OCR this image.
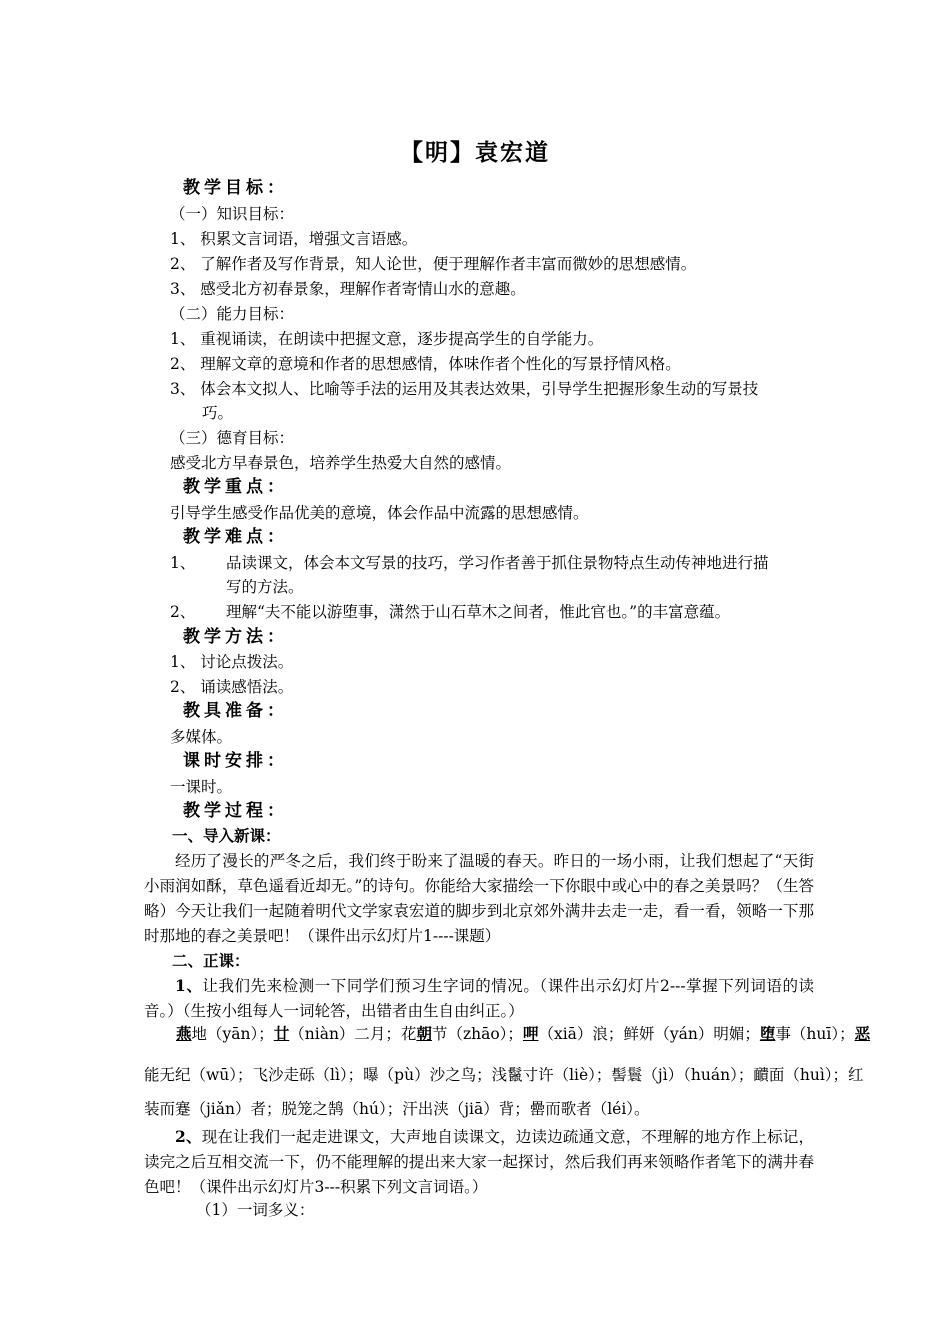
【明】袁宏道
教学目标：
（一）知识目标：
1、 积累文言词语，增强文言语感。
2、 了解作者及写作背景，知人论世，便于理解作者丰富而微妙的思想感情。
3、 感受北方初春景象，理解作者寄情山水的意趣。
（二）能力目标：
1、 重视诵读，在朗读中把握文意，逐步提高学生的自学能力。
2、 理解文章的意境和作者的思想感情，体味作者个性化的写景抒情风格。
3、 体会本文拟人、比喻等手法的运用及其表达效果，引导学生把握形象生动的写景技
巧。
（三）德育目标：
感受北方早春景色，培养学生热爱大自然的感情。
教学重点：
引导学生感受作品优美的意境，体会作品中流露的思想感情。
教学难点：
1、 品读课文，体会本文写景的技巧，学习作者善于抓住景物特点生动传神地进行描
写的方法。
2、 理解“夫不能以游堕事，潇然于山石草木之间者，惟此官也。”的丰富意蕴。
教学方法：
1、 讨论点拨法。
2、 诵读感悟法。
教具准备：
多媒体。
课时安排：
一课时。
教学过程：
一、导入新课：
经历了漫长的严冬之后，我们终于盼来了温暖的春天。昨日的一场小雨，让我们想起了“天街小雨润如酥，草色遥看近却无。”的诗句。你能给大家描绘一下你眼中或心中的春之美景吗？（生答略）今天让我们一起随着明代文学家袁宏道的脚步到北京郊外满井去走一走，看一看，领略一下那时那地的春之美景吧！（课件出示幻灯片1----课题）
二、正课：
1、让我们先来检测一下同学们预习生字词的情况。（课件出示幻灯片2---掌握下列词语的读音。）（生按小组每人一词轮答，出错者由生自由纠正。）
燕地（yān）；廿（niàn）二月；花朝节（zhāo）；呷（xiā）浪；鲜妍（yán）明媚；堕事（huī）；恶
能无纪（wū）；飞沙走砾（lì）；曝（pù）沙之鸟；浅鬣寸许（liè）；髻鬟（jì）（huán）；靧面（huì）；红
装而蹇（jiǎn）者；脱笼之鹄（hú）；汗出浃（jiā）背；罍而歌者（léi）。
2、现在让我们一起走进课文，大声地自读课文，边读边疏通文意，不理解的地方作上标记，读完之后互相交流一下，仍不能理解的提出来大家一起探讨，然后我们再来领略作者笔下的满井春色吧！（课件出示幻灯片3---积累下列文言词语。）
（1）一词多义：
